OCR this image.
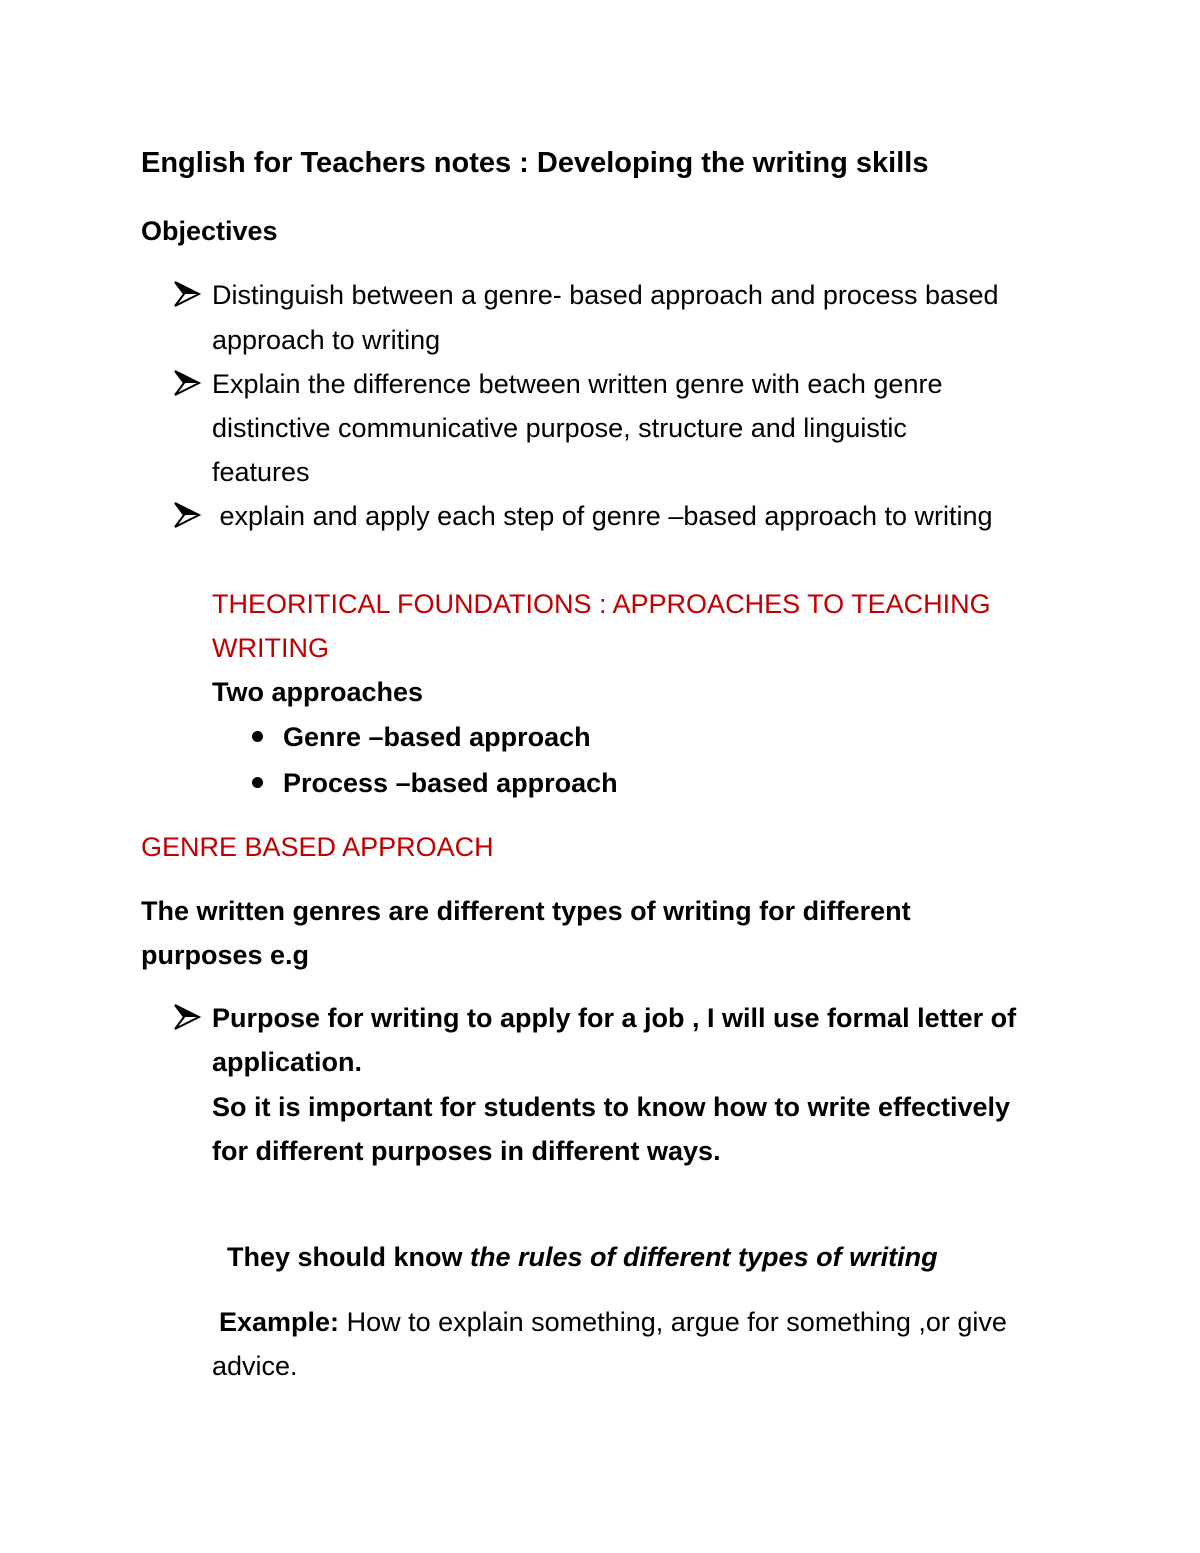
English for Teachers notes : Developing the writing skills
Objectives
Distinguish between a genre- based approach and process based
approach to writing
Explain the difference between written genre with each genre
distinctive communicative purpose, structure and linguistic
features
explain and apply each step of genre –based approach to writing
THEORITICAL FOUNDATIONS : APPROACHES TO TEACHING
WRITING
Two approaches
Genre –based approach
Process –based approach
GENRE BASED APPROACH
The written genres are different types of writing for different
purposes e.g
Purpose for writing to apply for a job , I will use formal letter of
application.
So it is important for students to know how to write effectively
for different purposes in different ways.
They should know the rules of different types of writing
Example: How to explain something, argue for something ,or give
advice.
